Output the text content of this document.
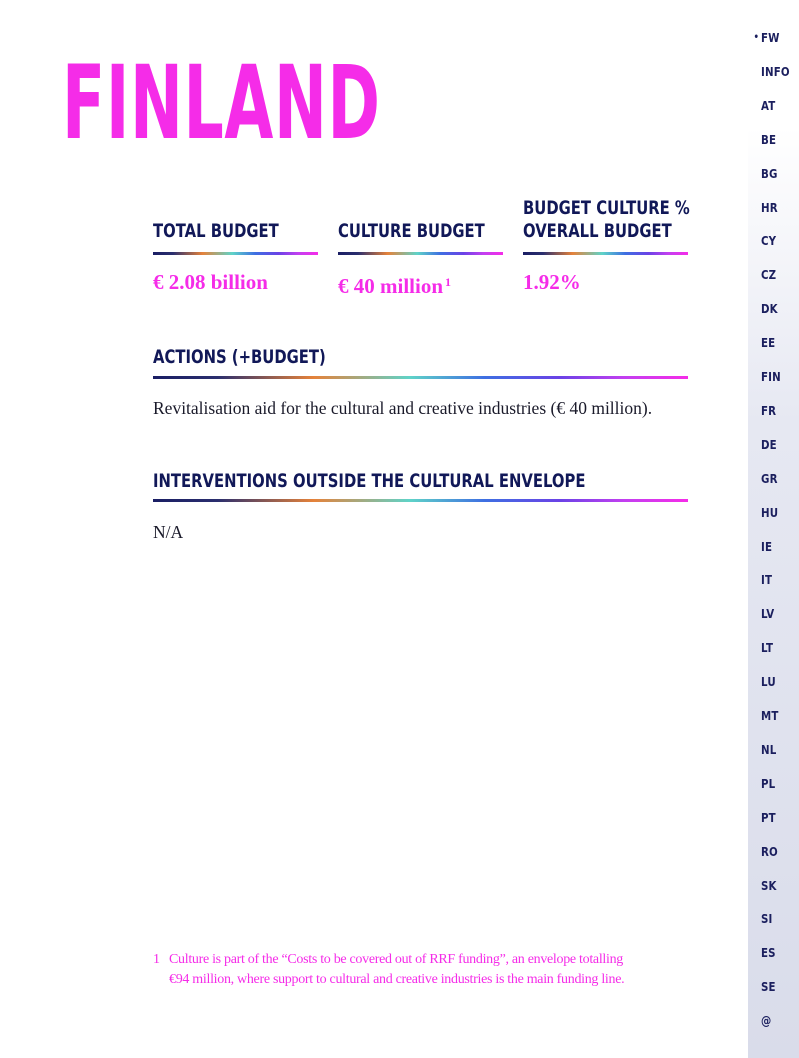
FINLAND
TOTAL BUDGET
€ 2.08 billion
CULTURE BUDGET
€ 40 million $^1$
BUDGET CULTURE %
OVERALL BUDGET
1.92%
ACTIONS (+BUDGET)
Revitalisation aid for the cultural and creative industries (€ 40 million).
INTERVENTIONS OUTSIDE THE CULTURAL ENVELOPE
N/A
1 Culture is part of the “Costs to be covered out of RRF funding”, an envelope totalling
€94 million, where support to cultural and creative industries is the main funding line.
• FW
INFO
AT
BE
BG
HR
CY
CZ
DK
EE
FIN
FR
DE
GR
HU
IE
IT
LV
LT
LU
MT
NL
PL
PT
RO
SK
SI
ES
SE
@
